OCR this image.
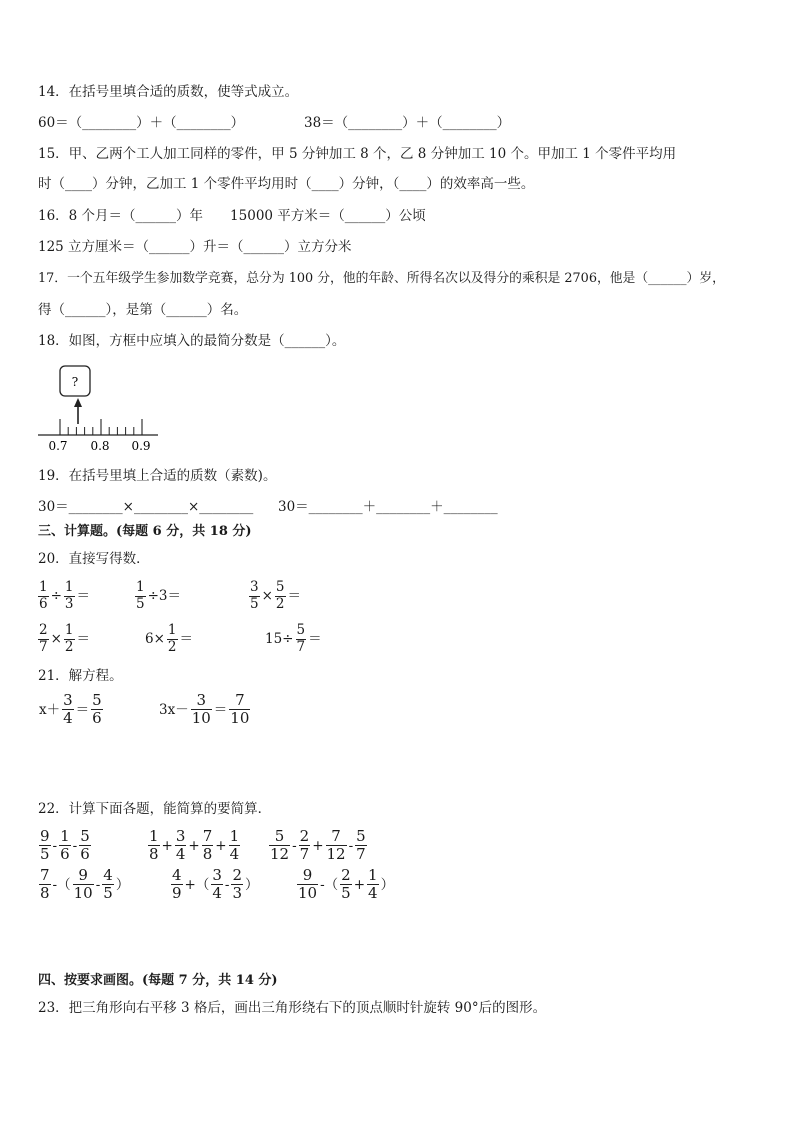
14．在括号里填合适的质数，使等式成立。
60＝（________）＋（________）	38＝（________）＋（________）
15．甲、乙两个工人加工同样的零件，甲 5 分钟加工 8 个，乙 8 分钟加工 10 个。甲加工 1 个零件平均用
时（____）分钟，乙加工 1 个零件平均用时（____）分钟，（____）的效率高一些。
16．8 个月＝（______）年　　15000 平方米＝（______）公顷
125 立方厘米＝（______）升＝（______）立方分米
17．一个五年级学生参加数学竞赛，总分为 100 分，他的年龄、所得名次以及得分的乘积是 2706，他是（______）岁，
得（______），是第（______）名。
18．如图，方框中应填入的最简分数是（______）。
?
0.7 0.8 0.9
19．在括号里填上合适的质数（素数)。
30＝________×________×________ 30＝________＋________＋________
三、计算题。(每题 6 分，共 18 分)
20．直接写得数．
$\frac{1}{6} \div \frac{1}{3}$ ＝	$\frac{1}{5} \div 3=$	$\frac{3}{5} \times \frac{5}{2}$ ＝
$\frac{2}{7} \times \frac{1}{2}$ ＝	$6\times \frac{1}{2}$ ＝	$15\div \frac{5}{7}$ ＝
21．解方程。
x＋
3
4 ＝
5
6	3x－
3
10 ＝
7
10
22．计算下面各题，能简算的要简算．
9
5 -
1
6 -
5
6
1
$8 + \frac{3}{4} + \frac{7}{8} + \frac{1}{4}$	5
12 -
2
$7 + \frac{7}{12}$ -
5
7
7
8 -（
9
10 -
4
5 ）
4
9 +（
3
4 -
2
3 ）
9
10 -（
2
$5 + \frac{1}{4}$ ）
四、按要求画图。(每题 7 分，共 14 分)
23．把三角形向右平移 3 格后，画出三角形绕右下的顶点顺时针旋转 90°后的图形。
